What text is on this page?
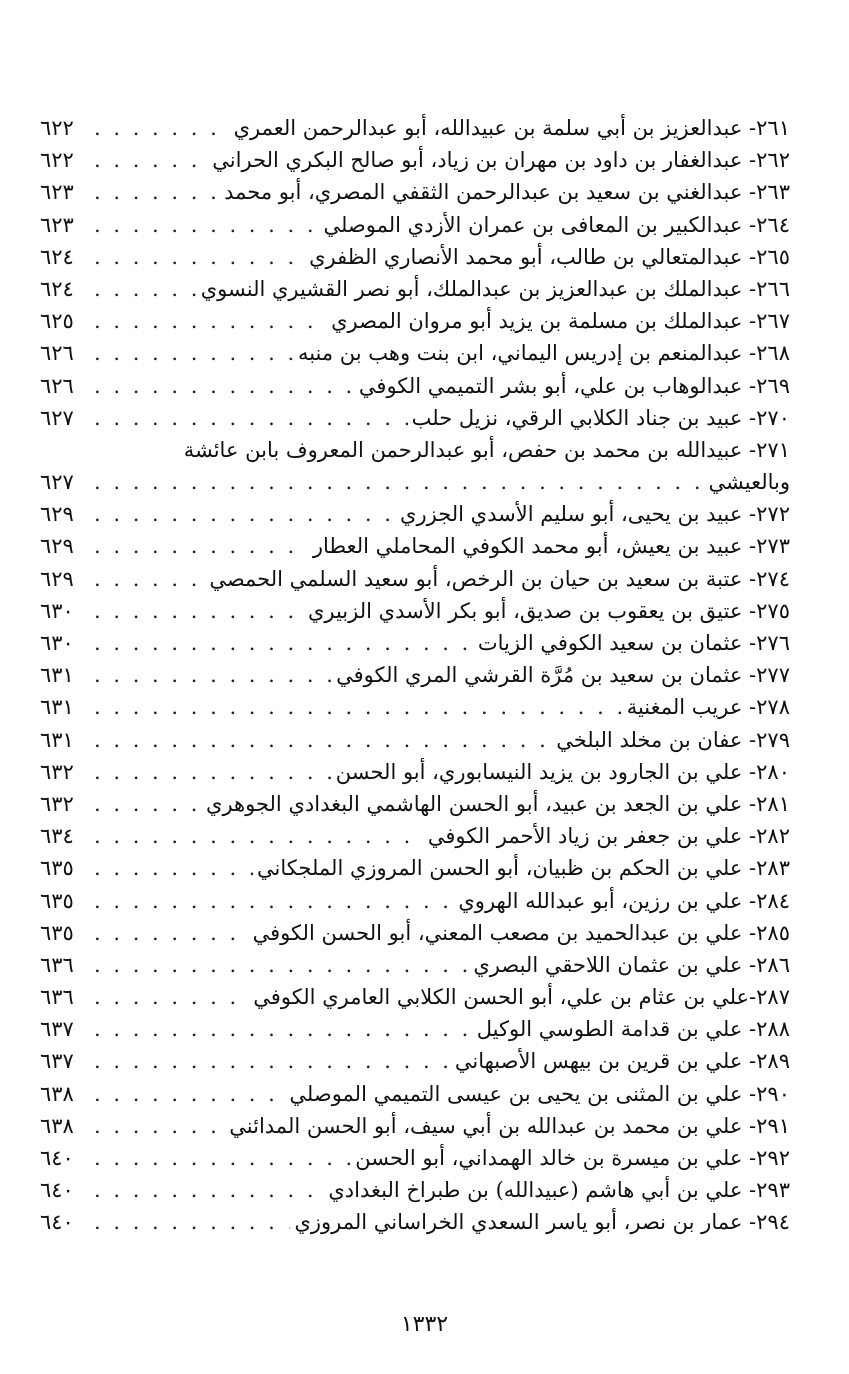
٢٦١- عبدالعزيز بن أبي سلمة بن عبيدالله، أبو عبدالرحمن العمري
. . .
٦٢٢
٢٦٢- عبدالغفار بن داود بن مهران بن زياد، أبو صالح البكري الحراني
. . .
٦٢٢
٢٦٣- عبدالغني بن سعيد بن عبدالرحمن الثقفي المصري، أبو محمد
. . .
٦٢٣
٢٦٤- عبدالكبير بن المعافى بن عمران الأزدي الموصلي
. . .
٦٢٣
٢٦٥- عبدالمتعالي بن طالب، أبو محمد الأنصاري الظفري
. . .
٦٢٤
٢٦٦- عبدالملك بن عبدالعزيز بن عبدالملك، أبو نصر القشيري النسوي
. . .
٦٢٤
٢٦٧- عبدالملك بن مسلمة بن يزيد أبو مروان المصري
. . .
٦٢٥
٢٦٨- عبدالمنعم بن إدريس اليماني، ابن بنت وهب بن منبه
. . .
٦٢٦
٢٦٩- عبدالوهاب بن علي، أبو بشر التميمي الكوفي
. . .
٦٢٦
٢٧٠- عبيد بن جناد الكلابي الرقي، نزيل حلب
. . .
٦٢٧
٢٧١- عبيدالله بن محمد بن حفص، أبو عبدالرحمن المعروف بابن عائشة
وبالعيشي
. . .
٦٢٧
٢٧٢- عبيد بن يحيى، أبو سليم الأسدي الجزري
. . .
٦٢٩
٢٧٣- عبيد بن يعيش، أبو محمد الكوفي المحاملي العطار
. . .
٦٢٩
٢٧٤- عتبة بن سعيد بن حيان بن الرخص، أبو سعيد السلمي الحمصي
. . .
٦٢٩
٢٧٥- عتيق بن يعقوب بن صديق، أبو بكر الأسدي الزبيري
. . .
٦٣٠
٢٧٦- عثمان بن سعيد الكوفي الزيات
. . .
٦٣٠
٢٧٧- عثمان بن سعيد بن مُرَّة القرشي المري الكوفي
. . .
٦٣١
٢٧٨- عريب المغنية
. . .
٦٣١
٢٧٩- عفان بن مخلد البلخي
. . .
٦٣١
٢٨٠- علي بن الجارود بن يزيد النيسابوري، أبو الحسن
. . .
٦٣٢
٢٨١- علي بن الجعد بن عبيد، أبو الحسن الهاشمي البغدادي الجوهري
. . .
٦٣٢
٢٨٢- علي بن جعفر بن زياد الأحمر الكوفي
. . .
٦٣٤
٢٨٣- علي بن الحكم بن ظبيان، أبو الحسن المروزي الملجكاني
. . .
٦٣٥
٢٨٤- علي بن رزين، أبو عبدالله الهروي
. . .
٦٣٥
٢٨٥- علي بن عبدالحميد بن مصعب المعني، أبو الحسن الكوفي
. . .
٦٣٥
٢٨٦- علي بن عثمان اللاحقي البصري
. . .
٦٣٦
٢٨٧-علي بن عثام بن علي، أبو الحسن الكلابي العامري الكوفي
. . .
٦٣٦
٢٨٨- علي بن قدامة الطوسي الوكيل
. . .
٦٣٧
٢٨٩- علي بن قرين بن بيهس الأصبهاني
. . .
٦٣٧
٢٩٠- علي بن المثنى بن يحيى بن عيسى التميمي الموصلي
. . .
٦٣٨
٢٩١- علي بن محمد بن عبدالله بن أبي سيف، أبو الحسن المدائني
. . .
٦٣٨
٢٩٢- علي بن ميسرة بن خالد الهمداني، أبو الحسن
. . .
٦٤٠
٢٩٣- علي بن أبي هاشم (عبيدالله) بن طبراخ البغدادي
. . .
٦٤٠
٢٩٤- عمار بن نصر، أبو ياسر السعدي الخراساني المروزي
. . .
٦٤٠
١٣٣٢
